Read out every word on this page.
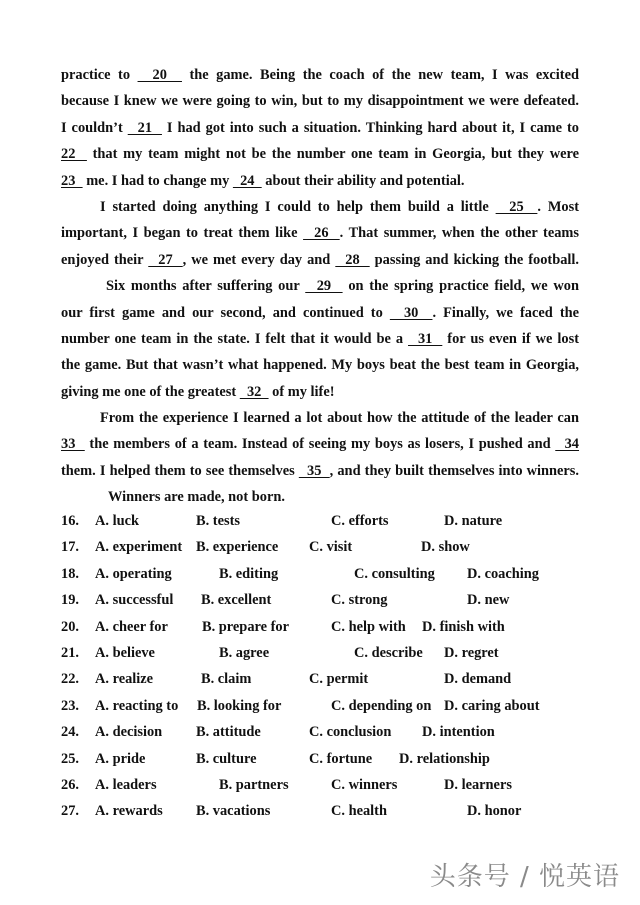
practice to   20   the game. Being the coach of the new team, I was excited
because I knew we were going to win, but to my disappointment we were defeated.
I couldn’t   21   I had got into such a situation. Thinking hard about it, I came to
22   that my team might not be the number one team in Georgia, but they were
23   me. I had to change my   24   about their ability and potential.
I started doing anything I could to help them build a little   25  . Most
important, I began to treat them like   26  . That summer, when the other teams
enjoyed their   27  , we met every day and   28   passing and kicking the football.
Six months after suffering our   29   on the spring practice field, we won
our first game and our second, and continued to   30  . Finally, we faced the
number one team in the state. I felt that it would be a   31   for us even if we lost
the game. But that wasn’t what happened. My boys beat the best team in Georgia,
giving me one of the greatest   32   of my life!
From the experience I learned a lot about how the attitude of the leader can
33   the members of a team. Instead of seeing my boys as losers, I pushed and   34
them. I helped them to see themselves   35  , and they built themselves into winners.
Winners are made, not born.
16. A. luck	B. tests	C. efforts	D. nature
17. A. experiment B. experience C. visit	D. show
18. A. operating	B. editing	C. consulting D. coaching
19. A. successful B. excellent	C. strong	D. new
20. A. cheer for B. prepare for	C. help with D. finish with
21. A. believe	B. agree	C. describe D. regret
22. A. realize	B. claim	C. permit	D. demand
23. A. reacting to B. looking for	C. depending on D. caring about
24. A. decision B. attitude	C. conclusion D. intention
25. A. pride	B. culture	C. fortune D. relationship
26. A. leaders	B. partners	C. winners	D. learners
27. A. rewards B. vacations	C. health	D. honor
头条号 / 悦英语
